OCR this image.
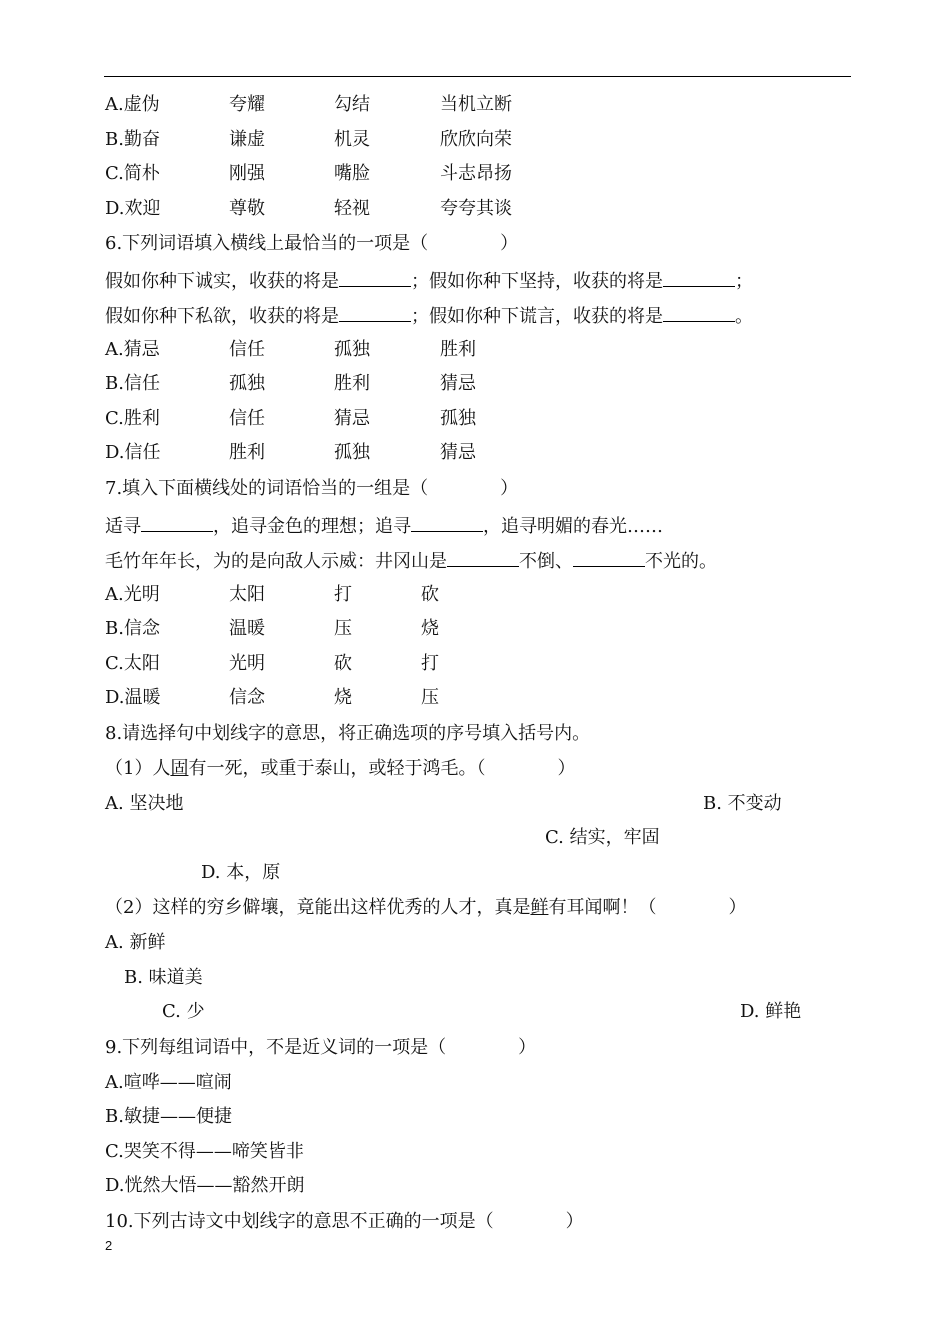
A.虚伪	夸耀	勾结	当机立断
B.勤奋	谦虚	机灵	欣欣向荣
C.简朴	刚强	嘴脸	斗志昂扬
D.欢迎	尊敬	轻视	夸夸其谈
6.下列词语填入横线上最恰当的一项是（　　　　）
假如你种下诚实，收获的将是	；假如你种下坚持，收获的将是	；
假如你种下私欲，收获的将是	；假如你种下谎言，收获的将是	。
A.猜忌	信任	孤独	胜利
B.信任	孤独	胜利	猜忌
C.胜利	信任	猜忌	孤独
D.信任	胜利	孤独	猜忌
7.填入下面横线处的词语恰当的一组是（　　　　）
适寻	，追寻金色的理想；追寻	，追寻明媚的春光……
毛竹年年长，为的是向敌人示威：井冈山是	不倒、	不光的。
A.光明	太阳	打	砍
B.信念	温暖	压	烧
C.太阳	光明	砍	打
D.温暖	信念	烧	压
8.请选择句中划线字的意思，将正确选项的序号填入括号内。
（1）人固有一死，或重于泰山，或轻于鸿毛。（　　　　）
A. 坚决地	B. 不变动
C. 结实，牢固
D. 本，原
（2）这样的穷乡僻壤，竟能出这样优秀的人才，真是鲜有耳闻啊！（　　　　）
A. 新鲜
B. 味道美
C. 少	D. 鲜艳
9.下列每组词语中，不是近义词的一项是（　　　　）
A.喧哗——喧闹
B.敏捷——便捷
C.哭笑不得——啼笑皆非
D.恍然大悟——豁然开朗
10.下列古诗文中划线字的意思不正确的一项是（　　　　）
2
